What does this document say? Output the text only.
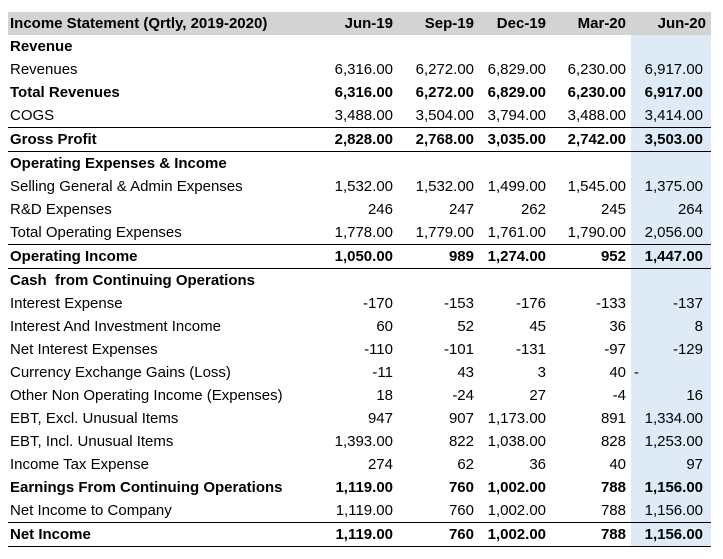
Income Statement (Qrtly, 2019-2020)	Jun-19	Sep-19	Dec-19	Mar-20	Jun-20
Revenue					
Revenues	6,316.00	6,272.00	6,829.00	6,230.00	6,917.00
Total Revenues	6,316.00	6,272.00	6,829.00	6,230.00	6,917.00
COGS	3,488.00	3,504.00	3,794.00	3,488.00	3,414.00
Gross Profit	2,828.00	2,768.00	3,035.00	2,742.00	3,503.00
Operating Expenses & Income					
Selling General & Admin Expenses	1,532.00	1,532.00	1,499.00	1,545.00	1,375.00
R&D Expenses	246	247	262	245	264
Total Operating Expenses	1,778.00	1,779.00	1,761.00	1,790.00	2,056.00
Operating Income	1,050.00	989	1,274.00	952	1,447.00
Cash  from Continuing Operations					
Interest Expense	-170	-153	-176	-133	-137
Interest And Investment Income	60	52	45	36	8
Net Interest Expenses	-110	-101	-131	-97	-129
Currency Exchange Gains (Loss)	-11	43	3	40	-
Other Non Operating Income (Expenses)	18	-24	27	-4	16
EBT, Excl. Unusual Items	947	907	1,173.00	891	1,334.00
EBT, Incl. Unusual Items	1,393.00	822	1,038.00	828	1,253.00
Income Tax Expense	274	62	36	40	97
Earnings From Continuing Operations	1,119.00	760	1,002.00	788	1,156.00
Net Income to Company	1,119.00	760	1,002.00	788	1,156.00
Net Income	1,119.00	760	1,002.00	788	1,156.00
